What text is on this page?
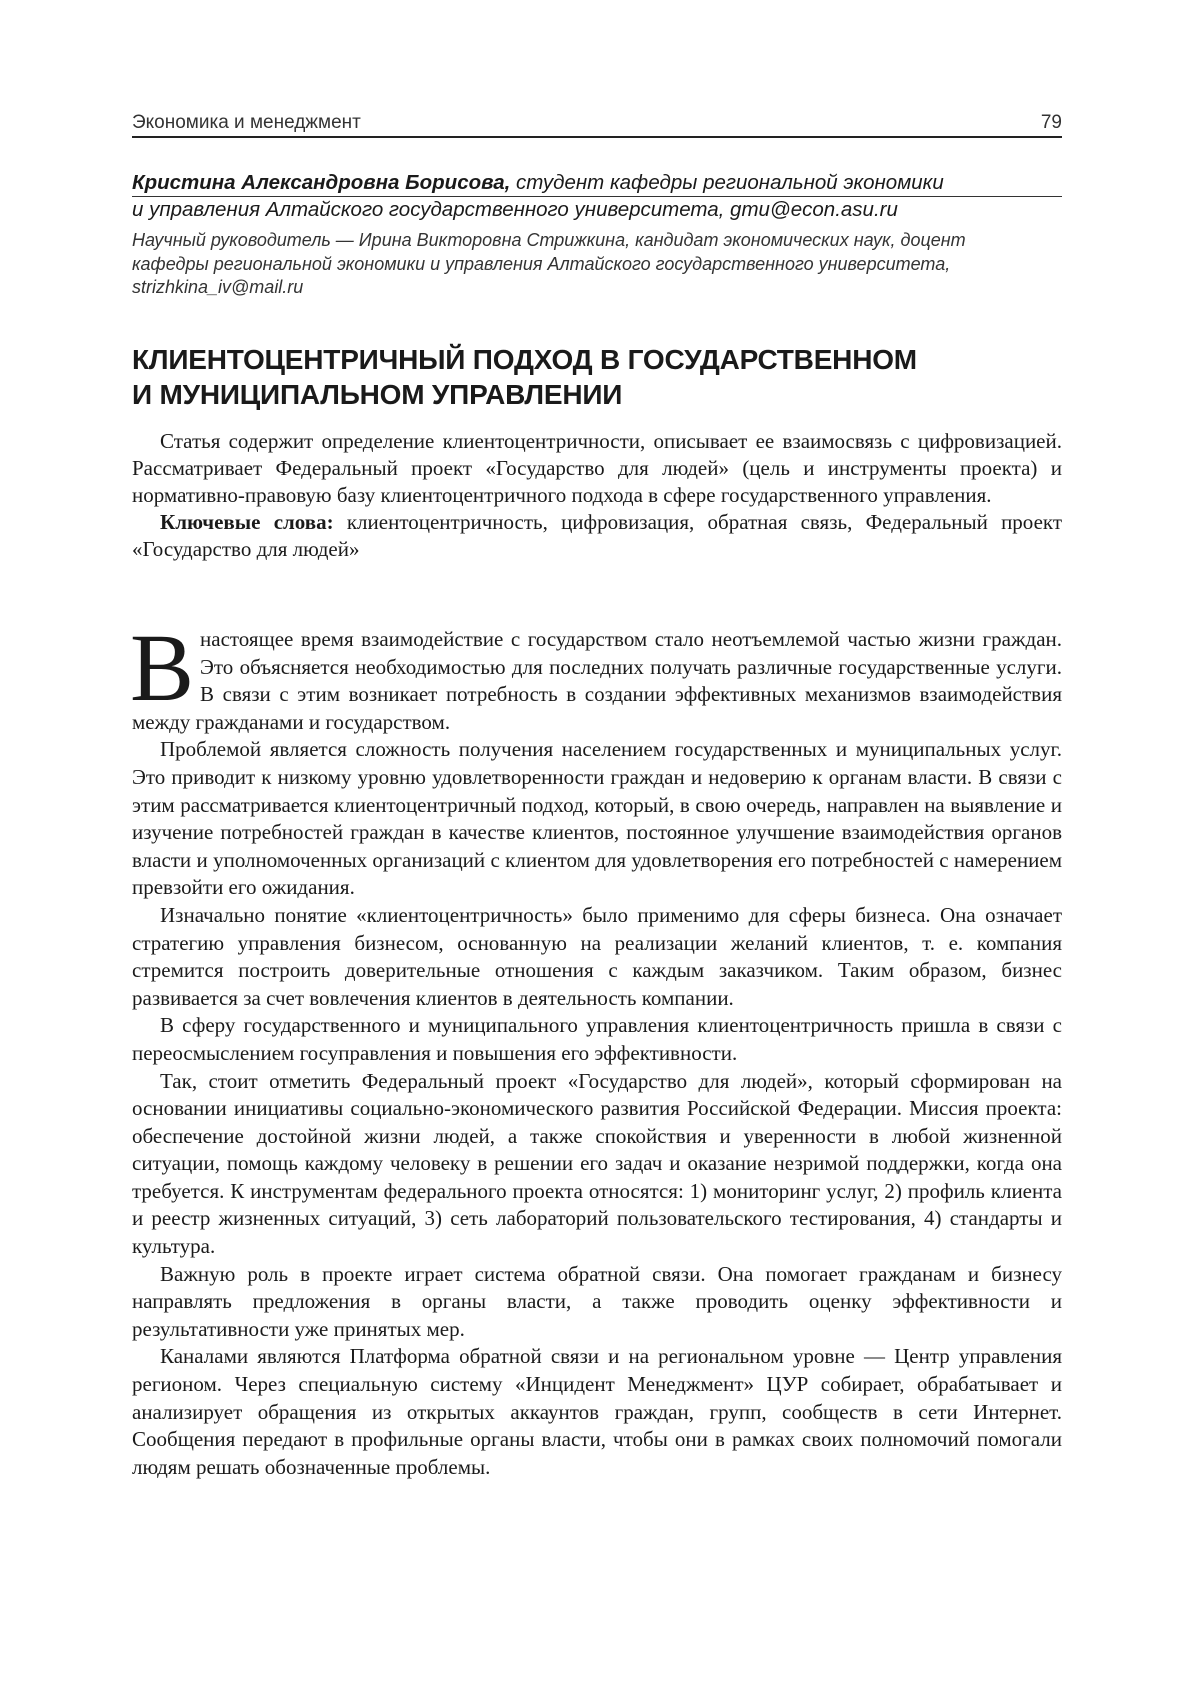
Экономика и менеджмент	79
Кристина Александровна Борисова, студент кафедры региональной экономики
и управления Алтайского государственного университета, gmu@econ.asu.ru
Научный руководитель — Ирина Викторовна Стрижкина, кандидат экономических наук, доцент
кафедры региональной экономики и управления Алтайского государственного университета,
strizhkina_iv@mail.ru
КЛИЕНТОЦЕНТРИЧНЫЙ ПОДХОД В ГОСУДАРСТВЕННОМ
И МУНИЦИПАЛЬНОМ УПРАВЛЕНИИ

Статья содержит определение клиентоцентричности, описывает ее взаимосвязь с цифровизацией. Рассматривает Федеральный проект «Государство для людей» (цель и инструменты проекта) и нормативно-правовую базу клиентоцентричного подхода в сфере государственного управления.

Ключевые слова: клиентоцентричность, цифровизация, обратная связь, Федеральный проект «Государство для людей»

Внастоящее время взаимодействие с государством стало неотъемлемой частью жизни граждан. Это объясняется необходимостью для последних получать различные государственные услуги. В связи с этим возникает потребность в создании эффективных механизмов взаимодействия между гражданами и государством.

Проблемой является сложность получения населением государственных и муниципальных услуг. Это приводит к низкому уровню удовлетворенности граждан и недоверию к органам власти. В связи с этим рассматривается клиентоцентричный подход, который, в свою очередь, направлен на выявление и изучение потребностей граждан в качестве клиентов, постоянное улучшение взаимодействия органов власти и уполномоченных организаций с клиентом для удовлетворения его потребностей с намерением превзойти его ожидания.

Изначально понятие «клиентоцентричность» было применимо для сферы бизнеса. Она означает стратегию управления бизнесом, основанную на реализации желаний клиентов, т. е. компания стремится построить доверительные отношения с каждым заказчиком. Таким образом, бизнес развивается за счет вовлечения клиентов в деятельность компании.

В сферу государственного и муниципального управления клиентоцентричность пришла в связи с переосмыслением госуправления и повышения его эффективности.

Так, стоит отметить Федеральный проект «Государство для людей», который сформирован на основании инициативы социально-экономического развития Российской Федерации. Миссия проекта: обеспечение достойной жизни людей, а также спокойствия и уверенности в любой жизненной ситуации, помощь каждому человеку в решении его задач и оказание незримой поддержки, когда она требуется. К инструментам федерального проекта относятся: 1) мониторинг услуг, 2) профиль клиента и реестр жизненных ситуаций, 3) сеть лабораторий пользовательского тестирования, 4) стандарты и культура.

Важную роль в проекте играет система обратной связи. Она помогает гражданам и бизнесу направлять предложения в органы власти, а также проводить оценку эффективности и результативности уже принятых мер.

Каналами являются Платформа обратной связи и на региональном уровне — Центр управления регионом. Через специальную систему «Инцидент Менеджмент» ЦУР собирает, обрабатывает и анализирует обращения из открытых аккаунтов граждан, групп, сообществ в сети Интернет. Сообщения передают в профильные органы власти, чтобы они в рамках своих полномочий помогали людям решать обозначенные проблемы.
